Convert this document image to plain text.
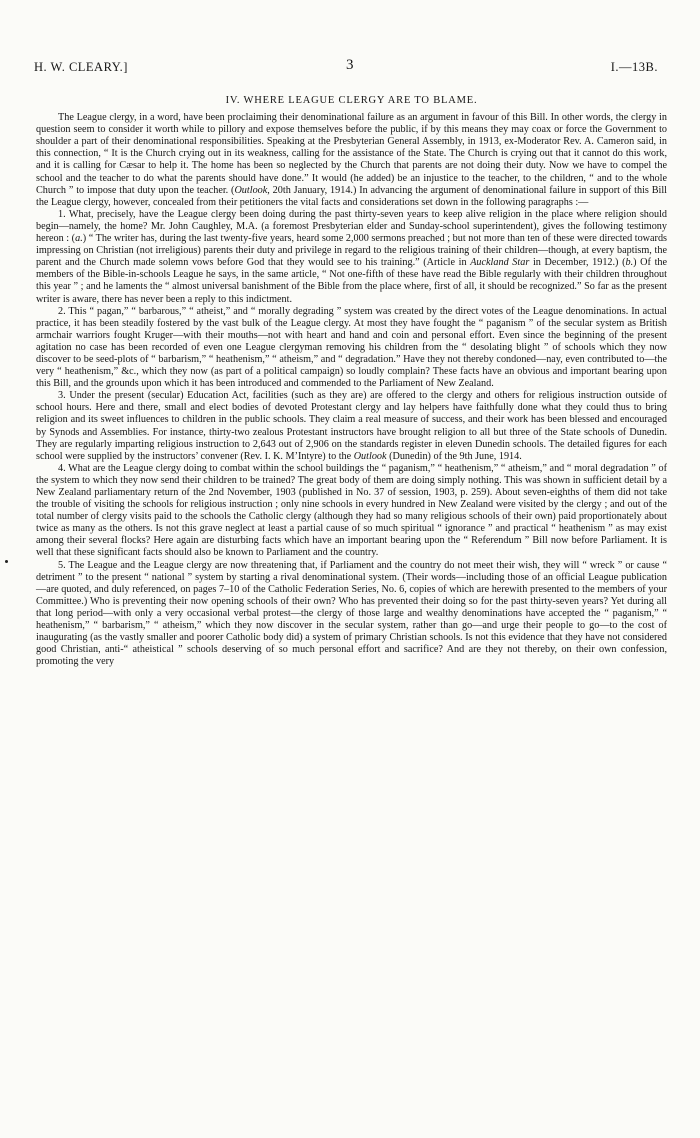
H. W. CLEARY.]	3	I.—13B.
IV. WHERE LEAGUE CLERGY ARE TO BLAME.

The League clergy, in a word, have been proclaiming their denominational failure as an argument in favour of this Bill. In other words, the clergy in question seem to consider it worth while to pillory and expose themselves before the public, if by this means they may coax or force the Government to shoulder a part of their denominational responsibilities. Speaking at the Presbyterian General Assembly, in 1913, ex-Moderator Rev. A. Cameron said, in this connection, “ It is the Church crying out in its weakness, calling for the assistance of the State. The Church is crying out that it cannot do this work, and it is calling for Cæsar to help it. The home has been so neglected by the Church that parents are not doing their duty. Now we have to compel the school and the teacher to do what the parents should have done.” It would (he added) be an injustice to the teacher, to the children, “ and to the whole Church ” to impose that duty upon the teacher. (Outlook, 20th January, 1914.) In advancing the argument of denominational failure in support of this Bill the League clergy, however, concealed from their petitioners the vital facts and considerations set down in the following paragraphs :—

1. What, precisely, have the League clergy been doing during the past thirty-seven years to keep alive religion in the place where religion should begin—namely, the home? Mr. John Caughley, M.A. (a foremost Presbyterian elder and Sunday-school superintendent), gives the following testimony hereon : (a.) “ The writer has, during the last twenty-five years, heard some 2,000 sermons preached ; but not more than ten of these were directed towards impressing on Christian (not irreligious) parents their duty and privilege in regard to the religious training of their children—though, at every baptism, the parent and the Church made solemn vows before God that they would see to his training.” (Article in Auckland Star in December, 1912.) (b.) Of the members of the Bible-in-schools League he says, in the same article, “ Not one-fifth of these have read the Bible regularly with their children throughout this year ” ; and he laments the “ almost universal banishment of the Bible from the place where, first of all, it should be recognized.” So far as the present writer is aware, there has never been a reply to this indictment.

2. This “ pagan,” “ barbarous,” “ atheist,” and “ morally degrading ” system was created by the direct votes of the League denominations. In actual practice, it has been steadily fostered by the vast bulk of the League clergy. At most they have fought the “ paganism ” of the secular system as British armchair warriors fought Kruger—with their mouths—not with heart and hand and coin and personal effort. Even since the beginning of the present agitation no case has been recorded of even one League clergyman removing his children from the “ desolating blight ” of schools which they now discover to be seed-plots of “ barbarism,” “ heathenism,” “ atheism,” and “ degradation.” Have they not thereby condoned—nay, even contributed to—the very “ heathenism,” &c., which they now (as part of a political campaign) so loudly complain? These facts have an obvious and important bearing upon this Bill, and the grounds upon which it has been introduced and commended to the Parliament of New Zealand.

3. Under the present (secular) Education Act, facilities (such as they are) are offered to the clergy and others for religious instruction outside of school hours. Here and there, small and elect bodies of devoted Protestant clergy and lay helpers have faithfully done what they could thus to bring religion and its sweet influences to children in the public schools. They claim a real measure of success, and their work has been blessed and encouraged by Synods and Assemblies. For instance, thirty-two zealous Protestant instructors have brought religion to all but three of the State schools of Dunedin. They are regularly imparting religious instruction to 2,643 out of 2,906 on the standards register in eleven Dunedin schools. The detailed figures for each school were supplied by the instructors’ convener (Rev. I. K. M’Intyre) to the Outlook (Dunedin) of the 9th June, 1914.

4. What are the League clergy doing to combat within the school buildings the “ paganism,” “ heathenism,” “ atheism,” and “ moral degradation ” of the system to which they now send their children to be trained? The great body of them are doing simply nothing. This was shown in sufficient detail by a New Zealand parliamentary return of the 2nd November, 1903 (published in No. 37 of session, 1903, p. 259). About seven-eighths of them did not take the trouble of visiting the schools for religious instruction ; only nine schools in every hundred in New Zealand were visited by the clergy ; and out of the total number of clergy visits paid to the schools the Catholic clergy (although they had so many religious schools of their own) paid proportionately about twice as many as the others. Is not this grave neglect at least a partial cause of so much spiritual “ ignorance ” and practical “ heathenism ” as may exist among their several flocks? Here again are disturbing facts which have an important bearing upon the “ Referendum ” Bill now before Parliament. It is well that these significant facts should also be known to Parliament and the country.

5. The League and the League clergy are now threatening that, if Parliament and the country do not meet their wish, they will “ wreck ” or cause “ detriment ” to the present “ national ” system by starting a rival denominational system. (Their words—including those of an official League publication—are quoted, and duly referenced, on pages 7–10 of the Catholic Federation Series, No. 6, copies of which are herewith presented to the members of your Committee.) Who is preventing their now opening schools of their own? Who has prevented their doing so for the past thirty-seven years? Yet during all that long period—with only a very occasional verbal protest—the clergy of those large and wealthy denominations have accepted the “ paganism,” “ heathenism,” “ barbarism,” “ atheism,” which they now discover in the secular system, rather than go—and urge their people to go—to the cost of inaugurating (as the vastly smaller and poorer Catholic body did) a system of primary Christian schools. Is not this evidence that they have not considered good Christian, anti-“ atheistical ” schools deserving of so much personal effort and sacrifice? And are they not thereby, on their own confession, promoting the very
